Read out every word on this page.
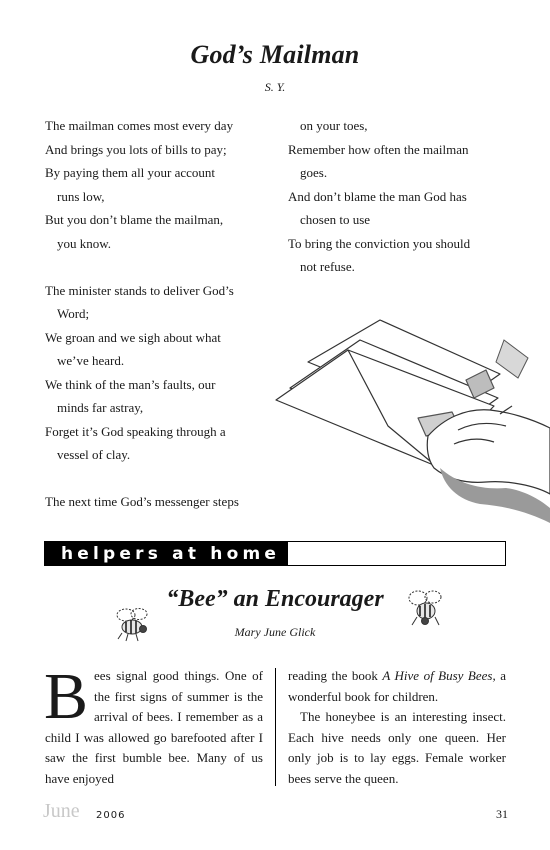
God’s Mailman
S. Y.
The mailman comes most every day
And brings you lots of bills to pay;
By paying them all your account
runs low,
But you don’t blame the mailman,
you know.
The minister stands to deliver God’s
Word;
We groan and we sigh about what
we’ve heard.
We think of the man’s faults, our
minds far astray,
Forget it’s God speaking through a
vessel of clay.
The next time God’s messenger steps
on your toes,
Remember how often the mailman
goes.
And don’t blame the man God has
chosen to use
To bring the conviction you should
not refuse.
helpers at home
“Bee” an Encourager
Mary June Glick
B ees signal good things. One of the first signs of summer is the arrival of bees. I remember as a child I was allowed go barefooted after I saw the first bumble bee. Many of us have enjoyed

reading the book A Hive of Busy Bees, a wonderful book for children.

The honeybee is an interesting insect. Each hive needs only one queen. Her only job is to lay eggs. Female worker bees serve the queen.

June 2006	31
